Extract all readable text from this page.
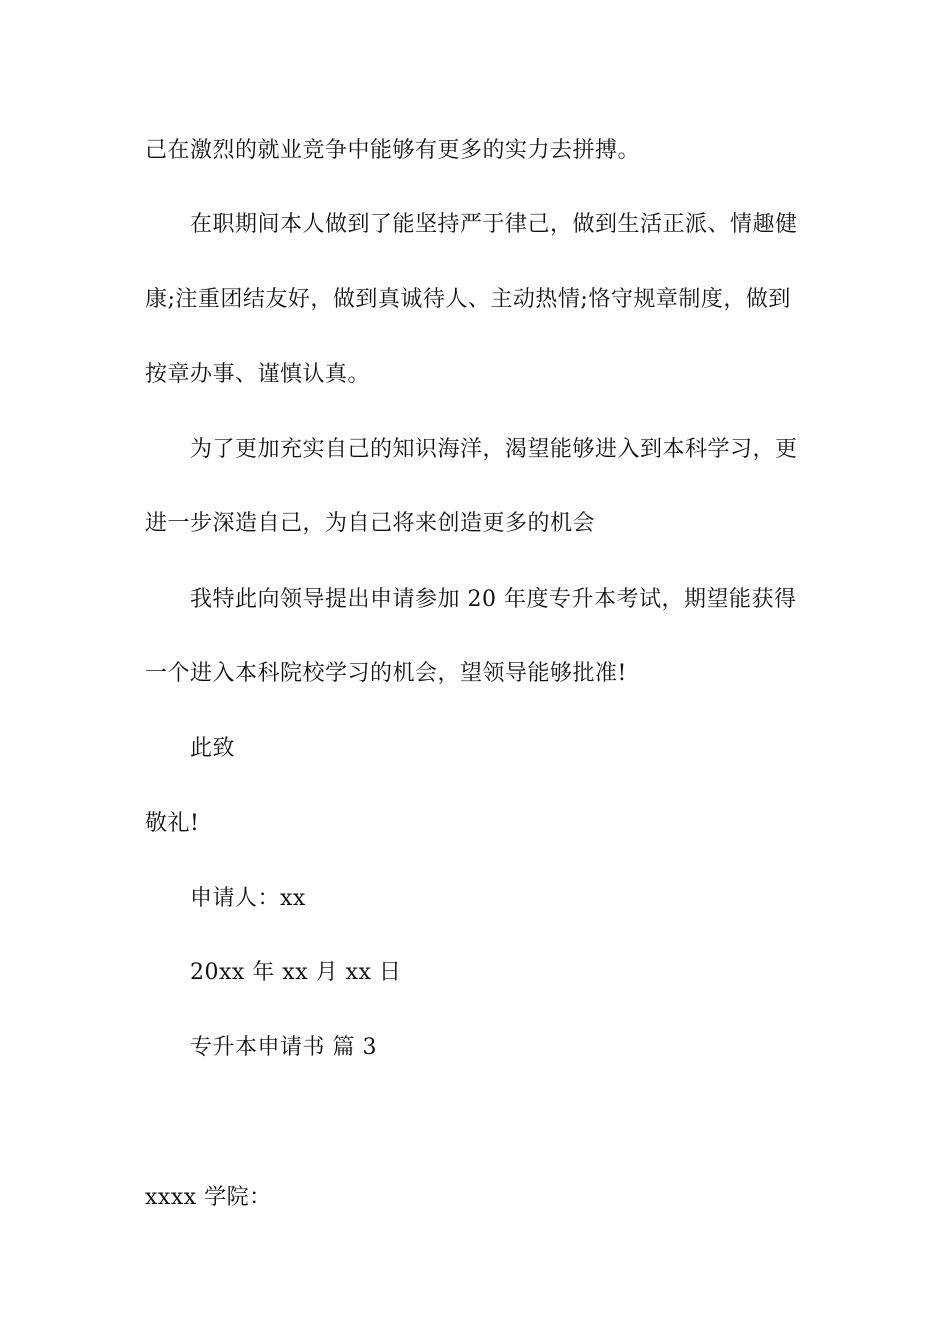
己在激烈的就业竞争中能够有更多的实力去拼搏。
在职期间本人做到了能坚持严于律己，做到生活正派、情趣健
康;注重团结友好，做到真诚待人、主动热情;恪守规章制度，做到
按章办事、谨慎认真。
为了更加充实自己的知识海洋，渴望能够进入到本科学习，更
进一步深造自己，为自己将来创造更多的机会
我特此向领导提出申请参加 20 年度专升本考试，期望能获得
一个进入本科院校学习的机会，望领导能够批准!
此致
敬礼!
申请人：xx
20xx 年 xx 月 xx 日
专升本申请书 篇 3
xxxx 学院：
